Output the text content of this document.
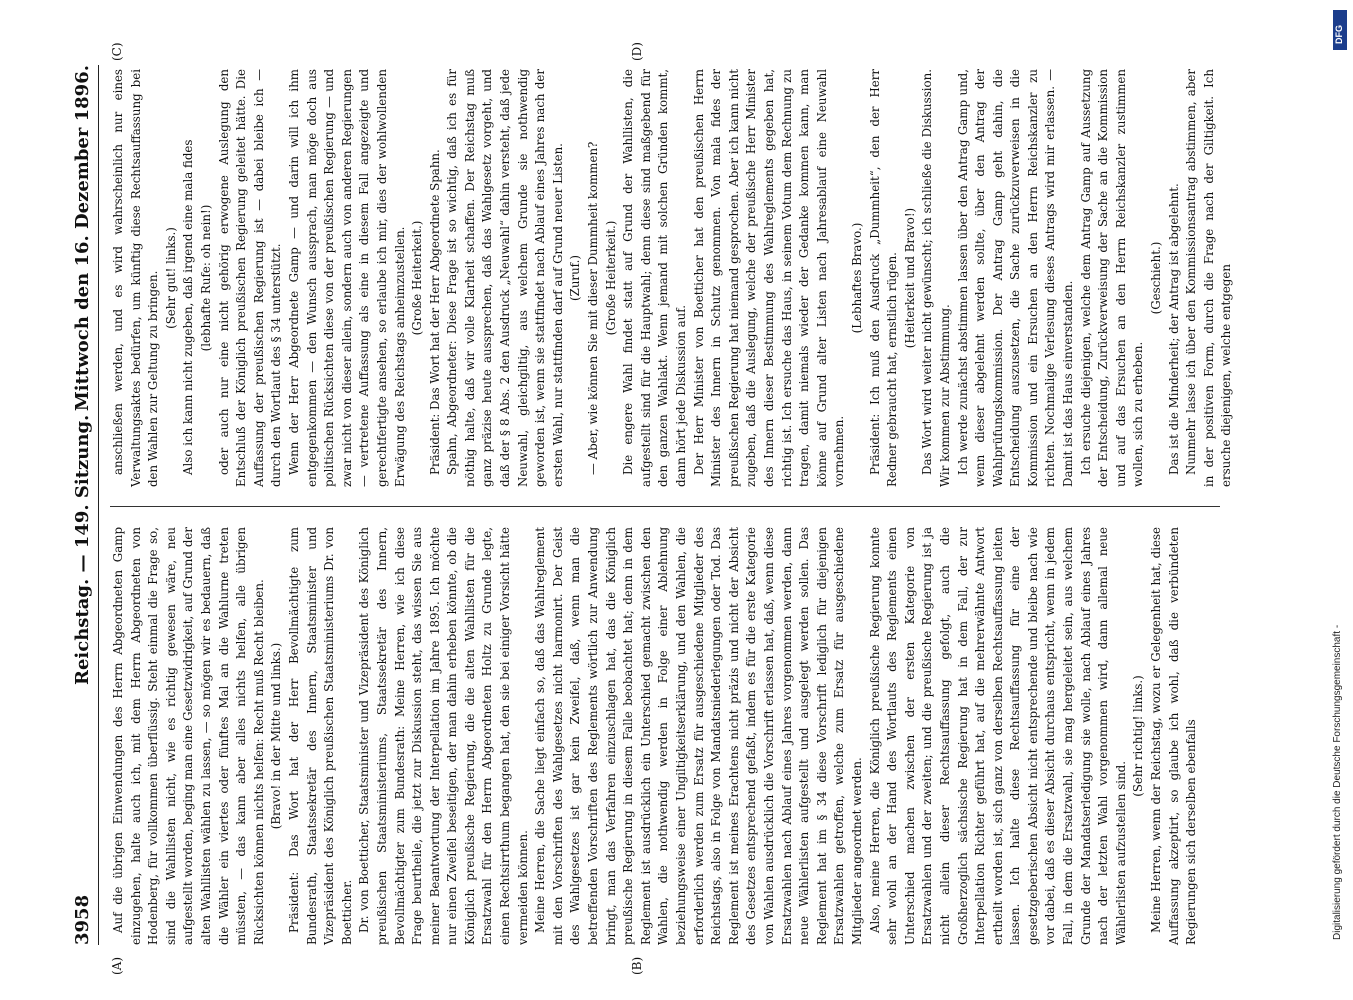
3958
Reichstag. — 149. Sitzung.
Mittwoch den 16. Dezember 1896.
(A)	(B)
(C)	(D)

Auf die übrigen Einwendungen des Herrn Abgeordneten Gamp einzugehen, halte auch ich, mit dem Herrn Abgeordneten von Hodenberg, für vollkommen überflüssig. Steht einmal die Frage so, sind die Wahllisten nicht, wie es richtig gewesen wäre, neu aufgestellt worden, beging man eine Gesetzwidrigkeit, auf Grund der alten Wahllisten wählen zu lassen, — so mögen wir es bedauern, daß die Wähler ein viertes oder fünftes Mal an die Wahlurne treten müssten, — das kann aber alles nichts helfen, alle übrigen Rücksichten können nichts helfen: Recht muß Recht bleiben. (Bravo! in der Mitte und links.) Präsident: Das Wort hat der Herr Bevollmächtigte zum Bundesrath, Staatssekretär des Innern, Staatsminister und Vizepräsident des Königlich preußischen Staatsministeriums Dr. von Boetticher. Dr. von Boetticher, Staatsminister und Vizepräsident des Königlich preußischen Staatsministeriums, Staatssekretär des Innern, Bevollmächtigter zum Bundesrath: Meine Herren, wie ich diese Frage beurtheile, die jetzt zur Diskussion steht, das wissen Sie aus meiner Beantwortung der Interpellation im Jahre 1895. Ich möchte nur einen Zweifel beseitigen, der man dahin erheben könnte, ob die Königlich preußische Regierung, die die alten Wahllisten für die Ersatzwahl für den Herrn Abgeordneten Holtz zu Grunde legte, einen Rechtsirrthum begangen hat, den sie bei einiger Vorsicht hätte vermeiden können. Meine Herren, die Sache liegt einfach so, daß das Wahlreglement mit den Vorschriften des Wahlgesetzes nicht harmonirt. Der Geist des Wahlgesetzes ist gar kein Zweifel, daß, wenn man die betreffenden Vorschriften des Reglements wörtlich zur Anwendung bringt, man das Verfahren einzuschlagen hat, das die Königlich preußische Regierung in diesem Falle beobachtet hat; denn in dem Reglement ist ausdrücklich ein Unterschied gemacht zwischen den Wahlen, die nothwendig werden in Folge einer Ablehnung beziehungsweise einer Ungiltigkeitserklärung, und den Wahlen, die erforderlich werden zum Ersatz für ausgeschiedene Mitglieder des Reichstags, also in Folge von Mandatsniederlegungen oder Tod. Das Reglement ist meines Erachtens nicht präzis und nicht der Absicht des Gesetzes entsprechend gefaßt, indem es für die erste Kategorie von Wahlen ausdrücklich die Vorschrift erlassen hat, daß, wenn diese Ersatzwahlen nach Ablauf eines Jahres vorgenommen werden, dann neue Wählerlisten aufgestellt und ausgelegt werden sollen. Das Reglement hat im § 34 diese Vorschrift lediglich für diejenigen Ersatzwahlen getroffen, welche zum Ersatz für ausgeschiedene Mitglieder angeordnet werden. Also, meine Herren, die Königlich preußische Regierung konnte sehr wohl an der Hand des Wortlauts des Reglements einen Unterschied machen zwischen der ersten Kategorie von Ersatzwahlen und der zweiten; und die preußische Regierung ist ja nicht allein dieser Rechtsauffassung gefolgt, auch die Großherzoglich sächsische Regierung hat in dem Fall, der zur Interpellation Richter geführt hat, auf die mehrerwähnte Antwort ertheilt worden ist, sich ganz von derselben Rechtsauffassung leiten lassen. Ich halte diese Rechtsauffassung für eine der gesetzgeberischen Absicht nicht entsprechende und bleibe nach wie vor dabei, daß es dieser Absicht durchaus entspricht, wenn in jedem Fall, in dem die Ersatzwahl, sie mag hergeleitet sein, aus welchem Grunde der Mandatserledigung sie wolle, nach Ablauf eines Jahres nach der letzten Wahl vorgenommen wird, dann allemal neue Wählerlisten aufzustellen sind.

(Sehr richtig! links.) Meine Herren, wenn der Reichstag, wozu er Gelegenheit hat, diese Auffassung akzeptirt, so glaube ich wohl, daß die verbündeten Regierungen sich derselben ebenfalls

anschließen werden, und es wird wahrscheinlich nur eines Verwaltungsaktes bedürfen, um künftig diese Rechtsauffassung bei den Wahlen zur Geltung zu bringen. (Sehr gut! links.) Also ich kann nicht zugeben, daß irgend eine mala fides (lebhafte Rufe: oh nein!) oder auch nur eine nicht gehörig erwogene Auslegung den Entschluß der Königlich preußischen Regierung geleitet hätte. Die Auffassung der preußischen Regierung ist — dabei bleibe ich — durch den Wortlaut des § 34 unterstützt. Wenn der Herr Abgeordnete Gamp — und darin will ich ihm entgegenkommen — den Wunsch aussprach, man möge doch aus politischen Rücksichten diese von der preußischen Regierung — und zwar nicht von dieser allein, sondern auch von anderen Regierungen — vertretene Auffassung als eine in diesem Fall angezeigte und gerechtfertigte ansehen, so erlaube ich mir, dies der wohlwollenden Erwägung des Reichstags anheimzustellen. (Große Heiterkeit.) Präsident: Das Wort hat der Herr Abgeordnete Spahn. Spahn, Abgeordneter: Diese Frage ist so wichtig, daß ich es für nöthig halte, daß wir volle Klarheit schaffen. Der Reichstag muß ganz präzise heute aussprechen, daß das Wahlgesetz vorgeht, und daß der § 8 Abs. 2 den Ausdruck „Neuwahl“ dahin versteht, daß jede Neuwahl, gleichgiltig, aus welchem Grunde sie nothwendig geworden ist, wenn sie stattfindet nach Ablauf eines Jahres nach der ersten Wahl, nur stattfinden darf auf Grund neuer Listen. (Zuruf.) — Aber, wie können Sie mit dieser Dummheit kommen? (Große Heiterkeit.) Die engere Wahl findet statt auf Grund der Wahllisten, die aufgestellt sind für die Hauptwahl; denn diese sind maßgebend für den ganzen Wahlakt. Wenn jemand mit solchen Gründen kommt, dann hört jede Diskussion auf. Der Herr Minister von Boetticher hat den preußischen Herrn Minister des Innern in Schutz genommen. Von mala fides der preußischen Regierung hat niemand gesprochen. Aber ich kann nicht zugeben, daß die Auslegung, welche der preußische Herr Minister des Innern dieser Bestimmung des Wahlreglements gegeben hat, richtig ist. Ich ersuche das Haus, in seinem Votum dem Rechnung zu tragen, damit niemals wieder der Gedanke kommen kann, man könne auf Grund alter Listen nach Jahresablauf eine Neuwahl vornehmen.

(Lebhaftes Bravo.) Präsident: Ich muß den Ausdruck „Dummheit“, den der Herr Redner gebraucht hat, ernstlich rügen. (Heiterkeit und Bravo!) Das Wort wird weiter nicht gewünscht; ich schließe die Diskussion. Wir kommen zur Abstimmung. Ich werde zunächst abstimmen lassen über den Antrag Gamp und, wenn dieser abgelehnt werden sollte, über den Antrag der Wahlprüfungskommission. Der Antrag Gamp geht dahin, die Entscheidung auszusetzen, die Sache zurückzuverweisen in die Kommission und ein Ersuchen an den Herrn Reichskanzler zu richten. Nochmalige Verlesung dieses Antrags wird mir erlassen. — Damit ist das Haus einverstanden. Ich ersuche diejenigen, welche dem Antrag Gamp auf Aussetzung der Entscheidung, Zurückverweisung der Sache an die Kommission und auf das Ersuchen an den Herrn Reichskanzler zustimmen wollen, sich zu erheben.

(Geschieht.) Das ist die Minderheit; der Antrag ist abgelehnt. Nunmehr lasse ich über den Kommissionsantrag abstimmen, aber in der positiven Form, durch die Frage nach der Giltigkeit. Ich ersuche diejenigen, welche entgegen

DFG
Digitalisierung gefördert durch die Deutsche Forschungsgemeinschaft -
